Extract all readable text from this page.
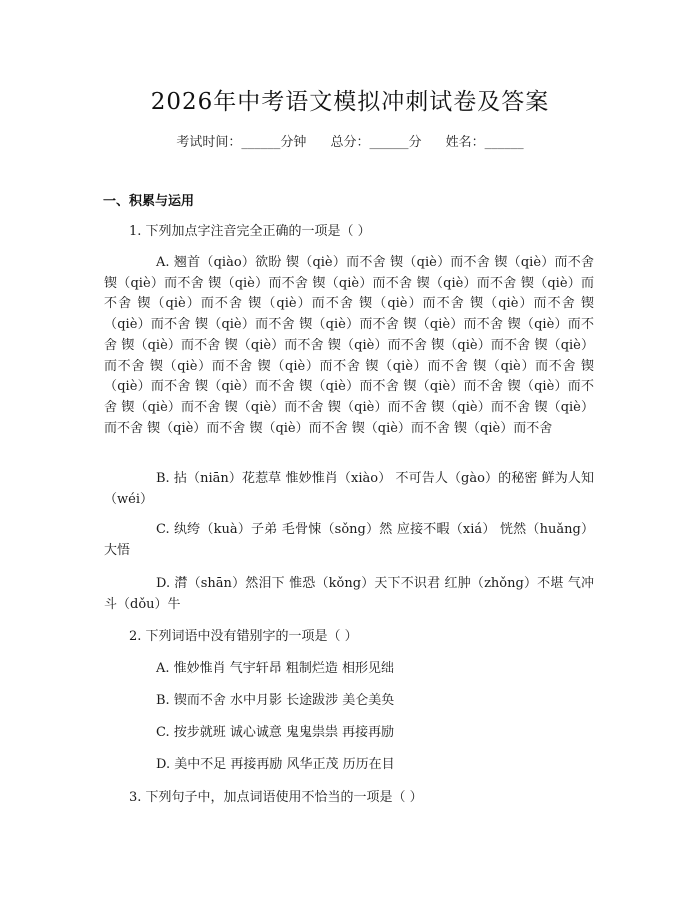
2026年中考语文模拟冲刺试卷及答案
考试时间：______分钟 总分：______分 姓名：______
一、积累与运用
1. 下列加点字注音完全正确的一项是（ ）
A. 翘首（qiào）欲盼 锲（qiè）而不舍 锲（qiè）而不舍 锲（qiè）而不舍 锲（qiè）而不舍 锲（qiè）而不舍 锲（qiè）而不舍 锲（qiè）而不舍 锲（qiè）而不舍 锲（qiè）而不舍 锲（qiè）而不舍 锲（qiè）而不舍 锲（qiè）而不舍 锲（qiè）而不舍 锲（qiè）而不舍 锲（qiè）而不舍 锲（qiè）而不舍 锲（qiè）而不舍 锲（qiè）而不舍 锲（qiè）而不舍 锲（qiè）而不舍 锲（qiè）而不舍 锲（qiè）而不舍 锲（qiè）而不舍 锲（qiè）而不舍 锲（qiè）而不舍 锲（qiè）而不舍 锲（qiè）而不舍 锲（qiè）而不舍 锲（qiè）而不舍 锲（qiè）而不舍 锲（qiè）而不舍 锲（qiè）而不舍 锲（qiè）而不舍 锲（qiè）而不舍 锲（qiè）而不舍 锲（qiè）而不舍 锲（qiè）而不舍 锲（qiè）而不舍 锲（qiè）而不舍 锲（qiè）而不舍
B. 拈（niān）花惹草 惟妙惟肖（xiào） 不可告人（gào）的秘密 鲜为人知（wéi）
C. 纨绔（kuà）子弟 毛骨悚（sǒng）然 应接不暇（xiá） 恍然（huǎng）大悟
D. 潸（shān）然泪下 惟恐（kǒng）天下不识君 红肿（zhǒng）不堪 气冲斗（dǒu）牛
2. 下列词语中没有错别字的一项是（ ）
A. 惟妙惟肖 气宇轩昂 粗制烂造 相形见绌
B. 锲而不舍 水中月影 长途跋涉 美仑美奂
C. 按步就班 诚心诚意 鬼鬼祟祟 再接再励
D. 美中不足 再接再励 风华正茂 历历在目
3. 下列句子中，加点词语使用不恰当的一项是（ ）
